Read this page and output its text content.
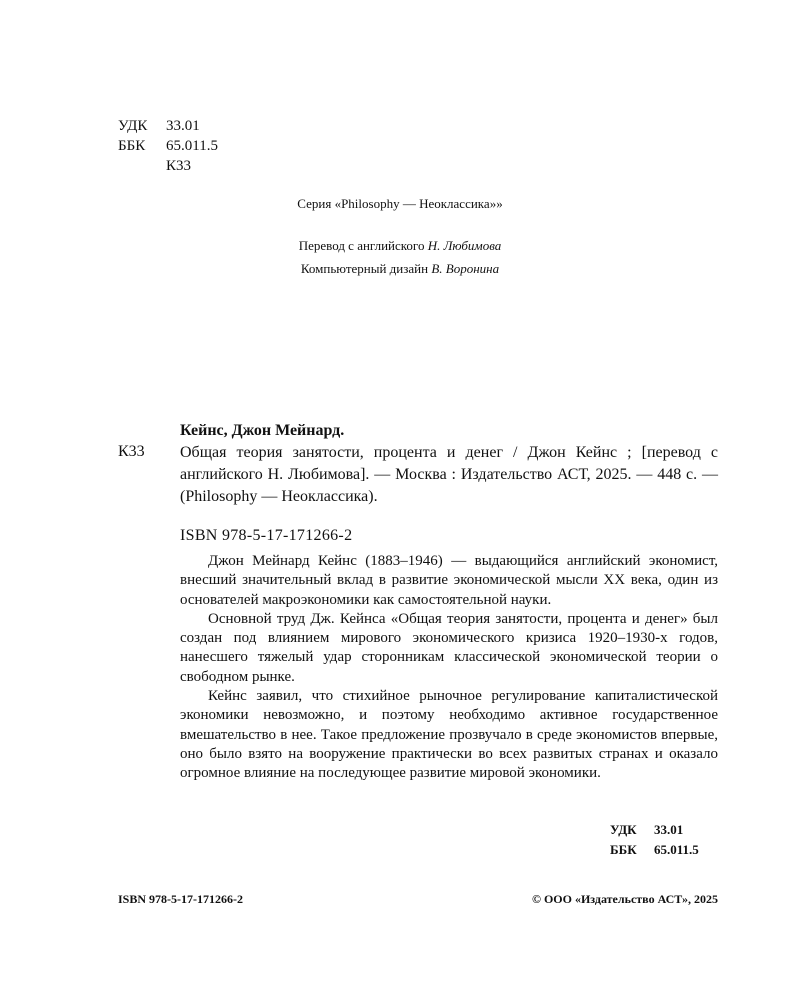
УДК 33.01
ББК 65.011.5
К33
Серия «Philosophy — Неоклассика»»
Перевод с английского Н. Любимова
Компьютерный дизайн В. Воронина
Кейнс, Джон Мейнард.
К33 Общая теория занятости, процента и денег / Джон Кейнс ; [перевод с английского Н. Любимова]. — Москва : Издательство АСТ, 2025. — 448 с. — (Philosophy — Неоклассика).
ISBN 978-5-17-171266-2

Джон Мейнард Кейнс (1883–1946) — выдающийся английский экономист, внесший значительный вклад в развитие экономической мысли XX века, один из основателей макроэкономики как самостоятельной науки.

Основной труд Дж. Кейнса «Общая теория занятости, процента и денег» был создан под влиянием мирового экономического кризиса 1920–1930-х годов, нанесшего тяжелый удар сторонникам классической экономической теории о свободном рынке.

Кейнс заявил, что стихийное рыночное регулирование капиталистической экономики невозможно, и поэтому необходимо активное государственное вмешательство в нее. Такое предложение прозвучало в среде экономистов впервые, оно было взято на вооружение практически во всех развитых странах и оказало огромное влияние на последующее развитие мировой экономики.

УДК 33.01
ББК 65.011.5
ISBN 978-5-17-171266-2	© ООО «Издательство АСТ», 2025
